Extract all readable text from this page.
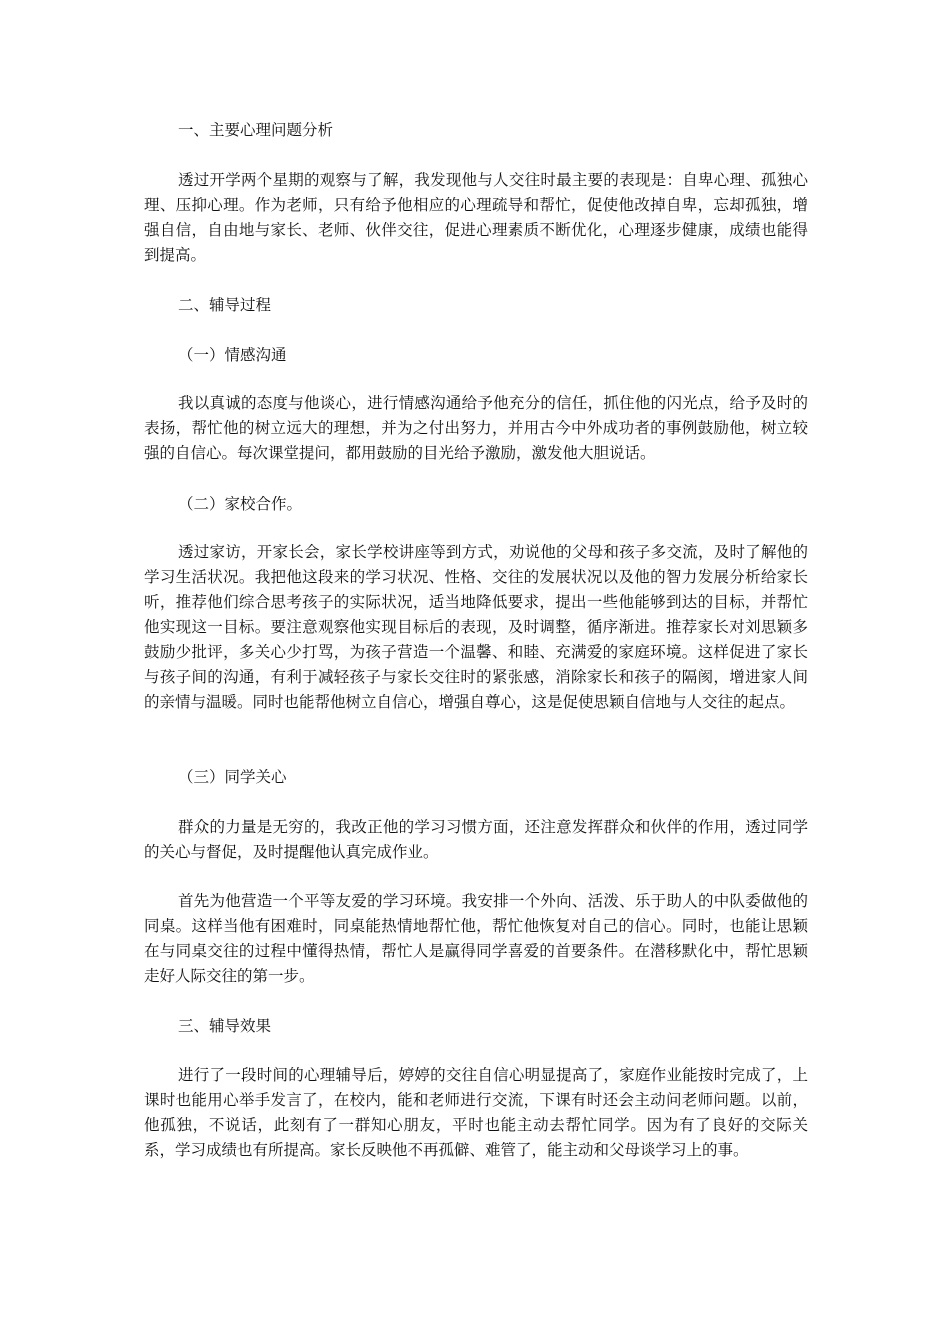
一、主要心理问题分析

透过开学两个星期的观察与了解，我发现他与人交往时最主要的表现是：自卑心理、孤独心理、压抑心理。作为老师，只有给予他相应的心理疏导和帮忙，促使他改掉自卑，忘却孤独，增强自信，自由地与家长、老师、伙伴交往，促进心理素质不断优化，心理逐步健康，成绩也能得到提高。

二、辅导过程

（一）情感沟通

我以真诚的态度与他谈心，进行情感沟通给予他充分的信任，抓住他的闪光点，给予及时的表扬，帮忙他的树立远大的理想，并为之付出努力，并用古今中外成功者的事例鼓励他，树立较强的自信心。每次课堂提问，都用鼓励的目光给予激励，激发他大胆说话。

（二）家校合作。

透过家访，开家长会，家长学校讲座等到方式，劝说他的父母和孩子多交流，及时了解他的学习生活状况。我把他这段来的学习状况、性格、交往的发展状况以及他的智力发展分析给家长听，推荐他们综合思考孩子的实际状况，适当地降低要求，提出一些他能够到达的目标，并帮忙他实现这一目标。要注意观察他实现目标后的表现，及时调整，循序渐进。推荐家长对刘思颖多鼓励少批评，多关心少打骂，为孩子营造一个温馨、和睦、充满爱的家庭环境。这样促进了家长与孩子间的沟通，有利于减轻孩子与家长交往时的紧张感，消除家长和孩子的隔阂，增进家人间的亲情与温暖。同时也能帮他树立自信心，增强自尊心，这是促使思颖自信地与人交往的起点。

（三）同学关心

群众的力量是无穷的，我改正他的学习习惯方面，还注意发挥群众和伙伴的作用，透过同学的关心与督促，及时提醒他认真完成作业。

首先为他营造一个平等友爱的学习环境。我安排一个外向、活泼、乐于助人的中队委做他的同桌。这样当他有困难时，同桌能热情地帮忙他，帮忙他恢复对自己的信心。同时，也能让思颖在与同桌交往的过程中懂得热情，帮忙人是赢得同学喜爱的首要条件。在潜移默化中，帮忙思颖走好人际交往的第一步。

三、辅导效果

进行了一段时间的心理辅导后，婷婷的交往自信心明显提高了，家庭作业能按时完成了，上课时也能用心举手发言了，在校内，能和老师进行交流，下课有时还会主动问老师问题。以前，他孤独，不说话，此刻有了一群知心朋友，平时也能主动去帮忙同学。因为有了良好的交际关系，学习成绩也有所提高。家长反映他不再孤僻、难管了，能主动和父母谈学习上的事。
